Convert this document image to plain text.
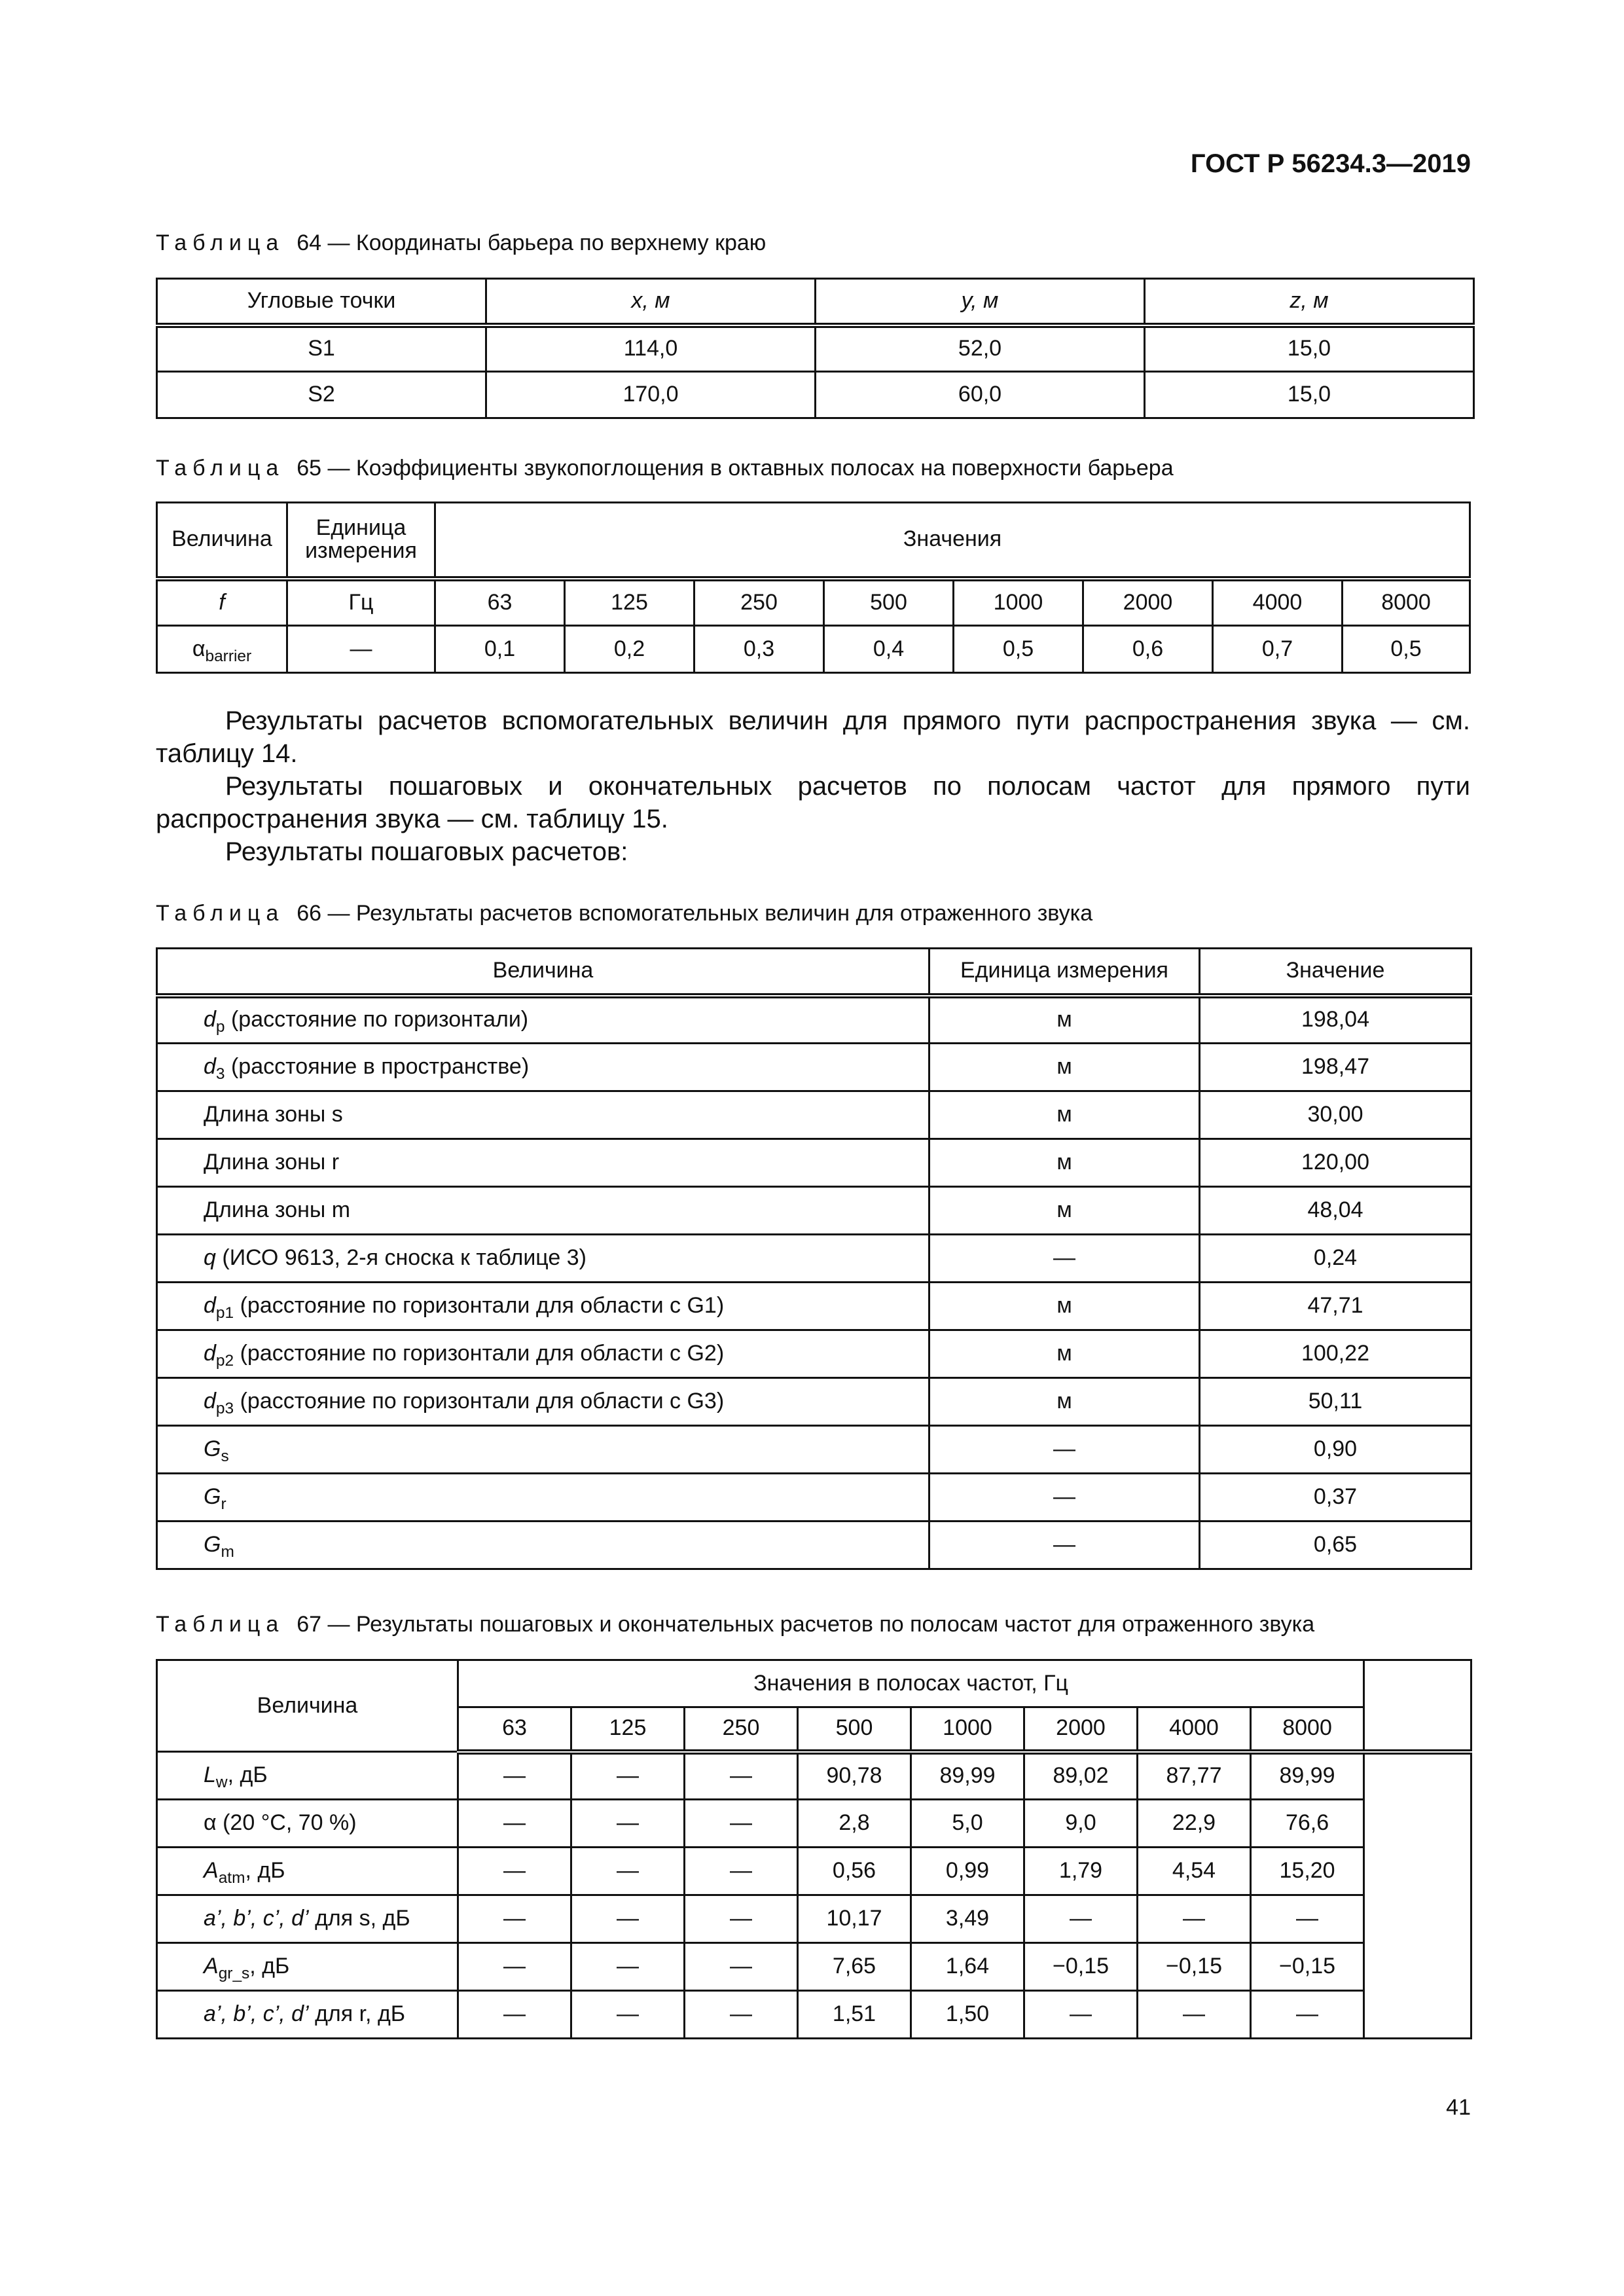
ГОСТ Р 56234.3—2019
Таблица 64 — Координаты барьера по верхнему краю
Угловые точки	x, м	y, м	z, м
S1	114,0	52,0	15,0
S2	170,0	60,0	15,0
Таблица 65 — Коэффициенты звукопоглощения в октавных полосах на поверхности барьера
Величина	Единица измерения	Значения							
f	Гц	63	125	250	500	1000	2000	4000	8000
$\alpha_{barrier}$	—	0,1	0,2	0,3	0,4	0,5	0,6	0,7	0,5
Результаты расчетов вспомогательных величин для прямого пути распространения звука — см. таблицу 14.
Результаты пошаговых и окончательных расчетов по полосам частот для прямого пути распространения звука — см. таблицу 15.
Результаты пошаговых расчетов:
Таблица 66 — Результаты расчетов вспомогательных величин для отраженного звука
Величина	Единица измерения	Значение
$d_p$ (расстояние по горизонтали)	м	198,04
$d_3$ (расстояние в пространстве)	м	198,47
Длина зоны s	м	30,00
Длина зоны r	м	120,00
Длина зоны m	м	48,04
q (ИСО 9613, 2-я сноска к таблице 3)	—	0,24
$d_{p1}$ (расстояние по горизонтали для области с G1)	м	47,71
$d_{p2}$ (расстояние по горизонтали для области с G2)	м	100,22
$d_{p3}$ (расстояние по горизонтали для области с G3)	м	50,11
$G_s$	—	0,90
$G_r$	—	0,37
$G_m$	—	0,65
Таблица 67 — Результаты пошаговых и окончательных расчетов по полосам частот для отраженного звука
Величина	Значения в полосах частот, Гц								
	63	125	250	500	1000	2000	4000	8000	
$L_w$, дБ	—	—	—	90,78	89,99	89,02	87,77	89,99	
α (20 °C, 70 %)	—	—	—	2,8	5,0	9,0	22,9	76,6	
$A_{atm}$, дБ	—	—	—	0,56	0,99	1,79	4,54	15,20	
a’, b’, c’, d’ для s, дБ	—	—	—	10,17	3,49	—	—	—	
$A_{gr\_s}$, дБ	—	—	—	7,65	1,64	−0,15	−0,15	−0,15	
a’, b’, c’, d’ для r, дБ	—	—	—	1,51	1,50	—	—	—	
41
